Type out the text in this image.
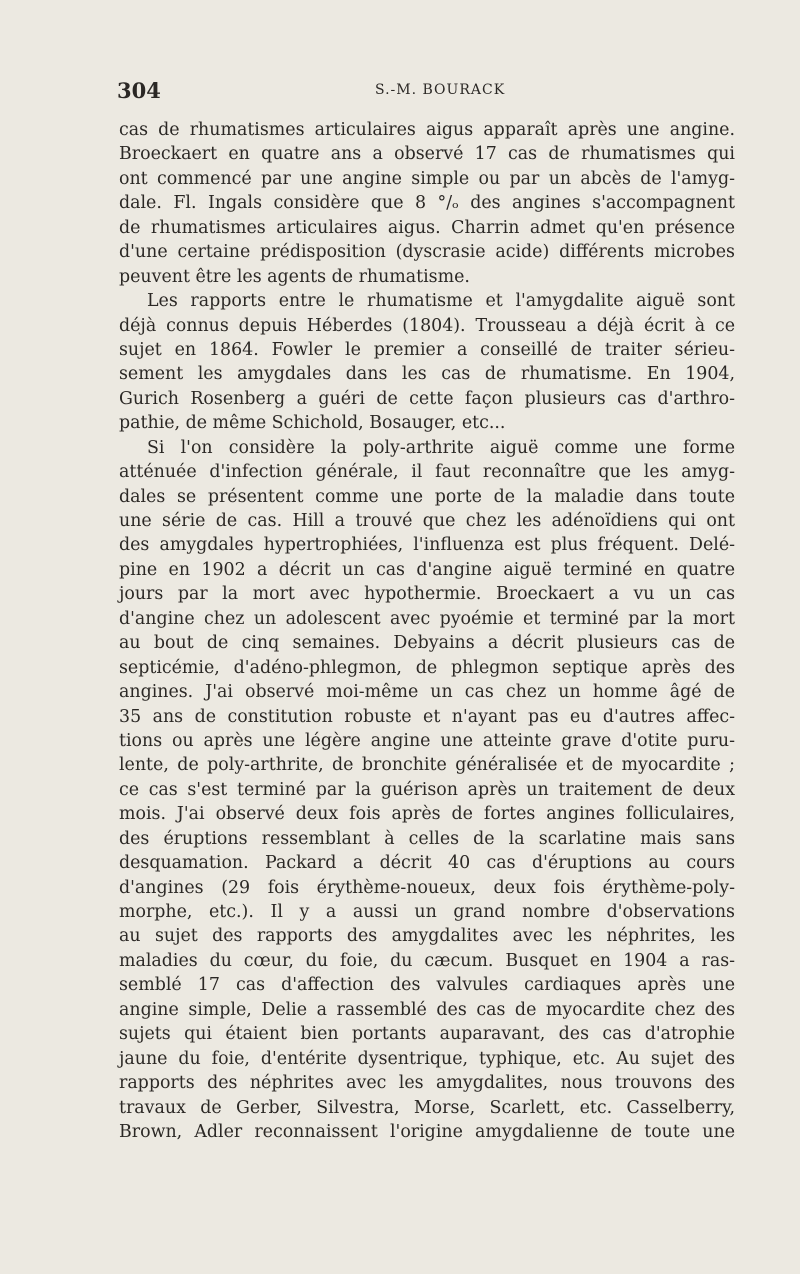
304	S.-M. BOURACK
cas de rhumatismes articulaires aigus apparaît après une angine.
Broeckaert en quatre ans a observé 17 cas de rhumatismes qui
ont commencé par une angine simple ou par un abcès de l'amyg-
dale. Fl. Ingals considère que 8 °/ₒ des angines s'accompagnent
de rhumatismes articulaires aigus. Charrin admet qu'en présence
d'une certaine prédisposition (dyscrasie acide) différents microbes
peuvent être les agents de rhumatisme.
Les rapports entre le rhumatisme et l'amygdalite aiguë sont
déjà connus depuis Héberdes (1804). Trousseau a déjà écrit à ce
sujet en 1864. Fowler le premier a conseillé de traiter sérieu-
sement les amygdales dans les cas de rhumatisme. En 1904,
Gurich Rosenberg a guéri de cette façon plusieurs cas d'arthro-
pathie, de même Schichold, Bosauger, etc...
Si l'on considère la poly-arthrite aiguë comme une forme
atténuée d'infection générale, il faut reconnaître que les amyg-
dales se présentent comme une porte de la maladie dans toute
une série de cas. Hill a trouvé que chez les adénoïdiens qui ont
des amygdales hypertrophiées, l'influenza est plus fréquent. Delé-
pine en 1902 a décrit un cas d'angine aiguë terminé en quatre
jours par la mort avec hypothermie. Broeckaert a vu un cas
d'angine chez un adolescent avec pyoémie et terminé par la mort
au bout de cinq semaines. Debyains a décrit plusieurs cas de
septicémie, d'adéno-phlegmon, de phlegmon septique après des
angines. J'ai observé moi-même un cas chez un homme âgé de
35 ans de constitution robuste et n'ayant pas eu d'autres affec-
tions ou après une légère angine une atteinte grave d'otite puru-
lente, de poly-arthrite, de bronchite généralisée et de myocardite ;
ce cas s'est terminé par la guérison après un traitement de deux
mois. J'ai observé deux fois après de fortes angines folliculaires,
des éruptions ressemblant à celles de la scarlatine mais sans
desquamation. Packard a décrit 40 cas d'éruptions au cours
d'angines (29 fois érythème-noueux, deux fois érythème-poly-
morphe, etc.). Il y a aussi un grand nombre d'observations
au sujet des rapports des amygdalites avec les néphrites, les
maladies du cœur, du foie, du cæcum. Busquet en 1904 a ras-
semblé 17 cas d'affection des valvules cardiaques après une
angine simple, Delie a rassemblé des cas de myocardite chez des
sujets qui étaient bien portants auparavant, des cas d'atrophie
jaune du foie, d'entérite dysentrique, typhique, etc. Au sujet des
rapports des néphrites avec les amygdalites, nous trouvons des
travaux de Gerber, Silvestra, Morse, Scarlett, etc. Casselberry,
Brown, Adler reconnaissent l'origine amygdalienne de toute une
